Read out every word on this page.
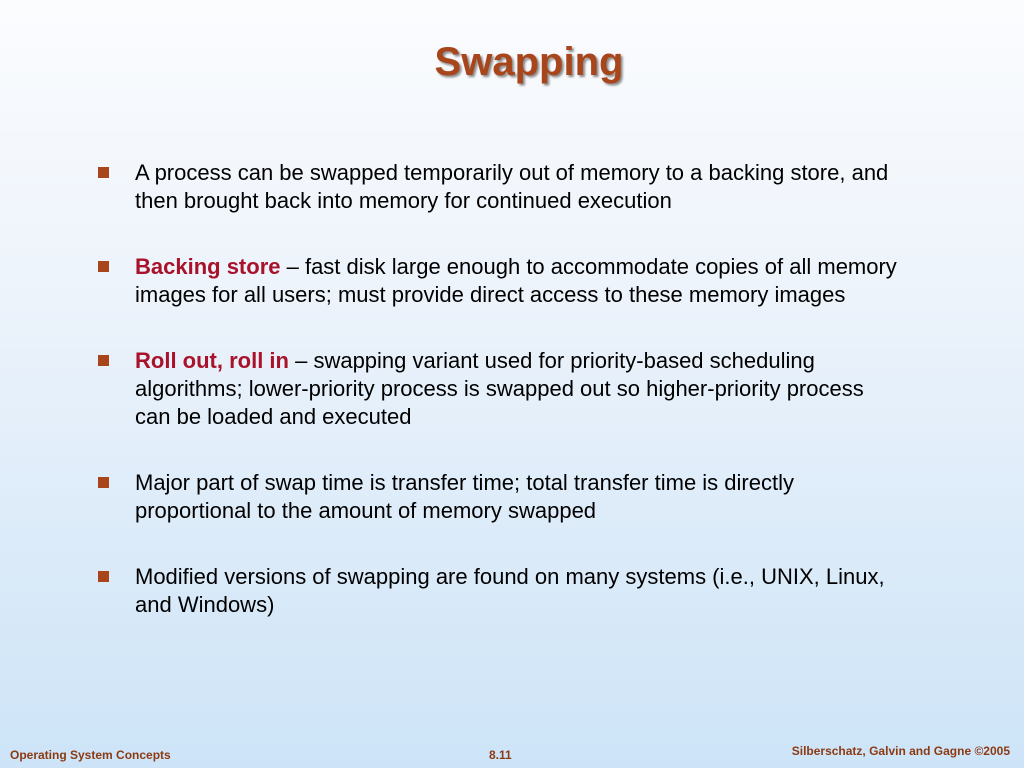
Swapping
A process can be swapped temporarily out of memory to a backing store, and then brought back into memory for continued execution
Backing store – fast disk large enough to accommodate copies of all memory images for all users; must provide direct access to these memory images
Roll out, roll in – swapping variant used for priority-based scheduling algorithms; lower-priority process is swapped out so higher-priority process can be loaded and executed
Major part of swap time is transfer time; total transfer time is directly proportional to the amount of memory swapped
Modified versions of swapping are found on many systems (i.e., UNIX, Linux, and Windows)
Operating System Concepts	8.11	Silberschatz, Galvin and Gagne ©2005
